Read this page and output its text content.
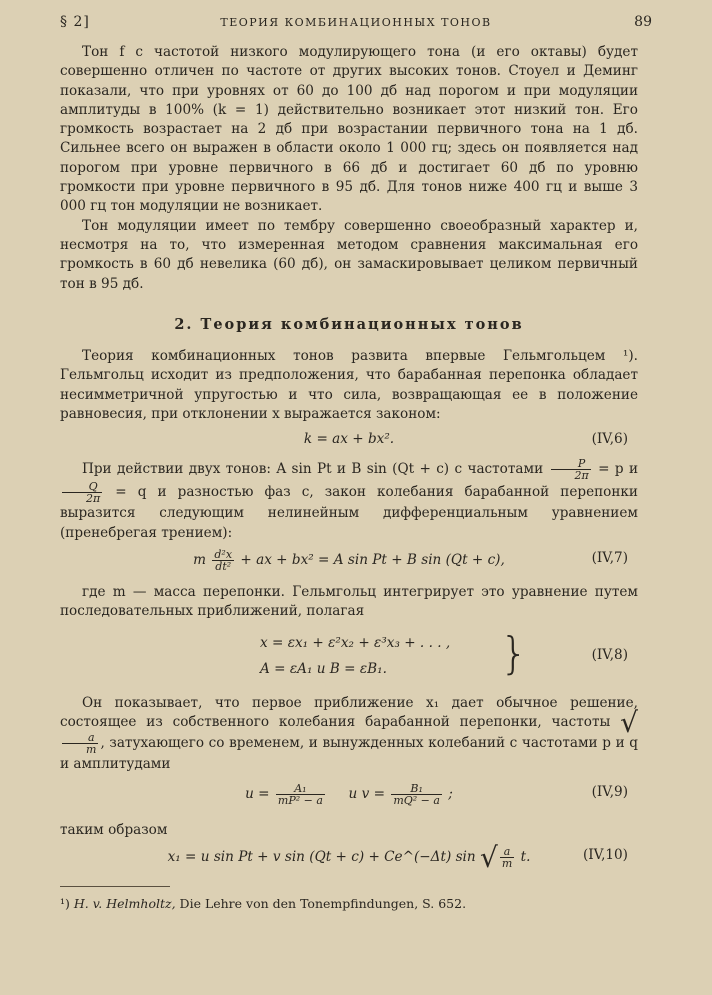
§ 2]	ТЕОРИЯ КОМБИНАЦИОННЫХ ТОНОВ	89

Тон f с частотой низкого модулирующего тона (и его октавы) будет совершенно отличен по частоте от других высоких тонов. Стоуел и Деминг показали, что при уровнях от 60 до 100 дб над порогом и при модуляции амплитуды в 100% (k = 1) действительно возникает этот низкий тон. Его громкость возрастает на 2 дб при возрастании первичного тона на 1 дб. Сильнее всего он выражен в области около 1 000 гц; здесь он появляется над порогом при уровне первичного в 66 дб и достигает 60 дб по уровню громкости при уровне первичного в 95 дб. Для тонов ниже 400 гц и выше 3 000 гц тон модуляции не возникает.

Тон модуляции имеет по тембру совершенно своеобразный характер и, несмотря на то, что измеренная методом сравнения максимальная его громкость в 60 дб невелика (60 дб), он замаскировывает целиком первичный тон в 95 дб.

2. Теория комбинационных тонов

Теория комбинационных тонов развита впервые Гельмгольцем ¹). Гельмгольц исходит из предположения, что барабанная перепонка обладает несимметричной упругостью и что сила, возвращающая ее в положение равновесия, при отклонении x выражается законом:

k = ax + bx².	(IV,6)

При действии двух тонов: A sin Pt и B sin (Qt + c) с частотами $\frac{P}{2\pi} = p$ и
$\frac{Q}{2\pi} = q$ и разностью фаз c, закон колебания барабанной перепонки выразится следующим нелинейным дифференциальным уравнением (пренебрегая трением):

m $\frac{\text{d²x}}{\text{dt²}}$ + ax + bx² = A sin Pt + B sin (Qt + c),	(IV,7)

где m — масса перепонки. Гельмгольц интегрирует это уравнение путем последовательных приближений, полагая

x = εx₁ + ε²x₂ + ε³x₃ + . . . ,
A = εA₁ и B = εB₁.	}	(IV,8)

Он показывает, что первое приближение x₁ дает обычное решение, состоящее из собственного колебания барабанной перепонки, частоты √
$\frac{a}{m}$ , затухающего со временем, и вынужденных колебаний с частотами p и q и амплитудами

$u = \frac{\text{A₁}}{\text{mP² − a}}$ и $v = \frac{\text{B₁}}{\text{mQ² − a}}$ ;	(IV,9)

таким образом

x₁ = u sin Pt + v sin (Qt + c) + Ce^(−Δt) sin √ $\frac{a}{m} t$.	(IV,10)
¹) H. v. Helmholtz, Die Lehre von den Tonempfindungen, S. 652.
